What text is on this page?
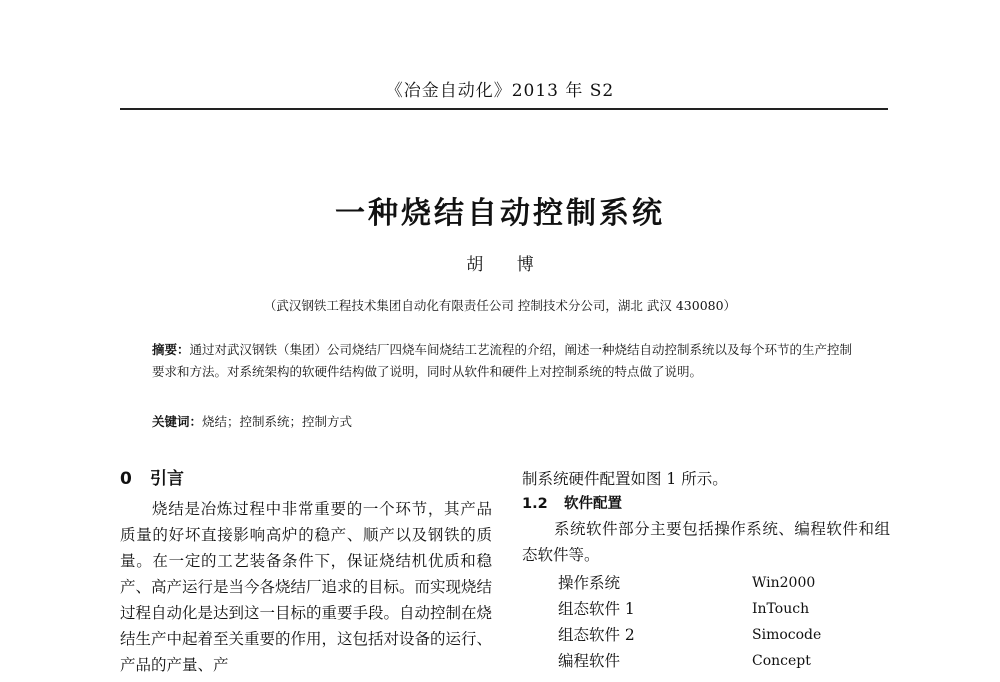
《冶金自动化》2013 年 S2
一种烧结自动控制系统
胡 博
（武汉钢铁工程技术集团自动化有限责任公司 控制技术分公司，湖北 武汉 430080）
摘要：通过对武汉钢铁（集团）公司烧结厂四烧车间烧结工艺流程的介绍，阐述一种烧结自动控制系统以及每个环节的生产控制要求和方法。对系统架构的软硬件结构做了说明，同时从软件和硬件上对控制系统的特点做了说明。
关键词：烧结；控制系统；控制方式
0 引言

烧结是冶炼过程中非常重要的一个环节，其产品质量的好坏直接影响高炉的稳产、顺产以及钢铁的质量。在一定的工艺装备条件下，保证烧结机优质和稳产、高产运行是当今各烧结厂追求的目标。而实现烧结过程自动化是达到这一目标的重要手段。自动控制在烧结生产中起着至关重要的作用，这包括对设备的运行、产品的产量、产

制系统硬件配置如图 1 所示。

1.2 软件配置

系统软件部分主要包括操作系统、编程软件和组态软件等。

操作系统	Win2000
组态软件 1	InTouch
组态软件 2	Simocode
编程软件	Concept
